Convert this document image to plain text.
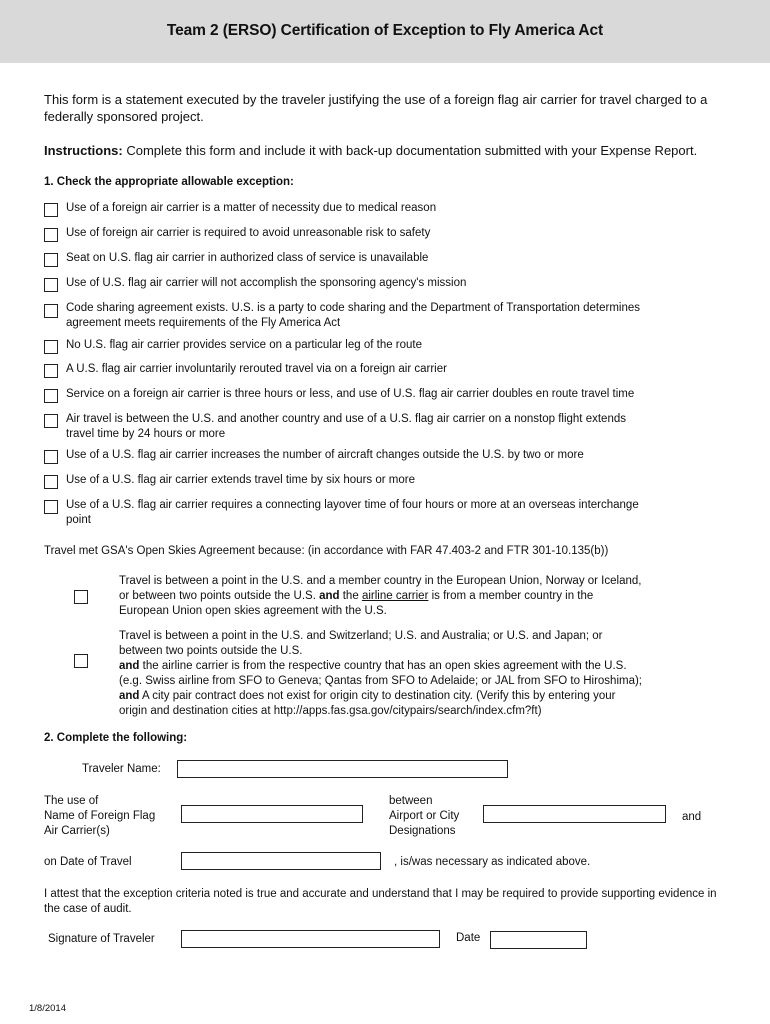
Team 2 (ERSO) Certification of Exception to Fly America Act
This form is a statement executed by the traveler justifying the use of a foreign flag air carrier for travel charged to a federally sponsored project.
Instructions: Complete this form and include it with back-up documentation submitted with your Expense Report.
1. Check the appropriate allowable exception:
Use of a foreign air carrier is a matter of necessity due to medical reason
Use of foreign air carrier is required to avoid unreasonable risk to safety
Seat on U.S. flag air carrier in authorized class of service is unavailable
Use of U.S. flag air carrier will not accomplish the sponsoring agency's mission
Code sharing agreement exists. U.S. is a party to code sharing and the Department of Transportation determines
agreement meets requirements of the Fly America Act
No U.S. flag air carrier provides service on a particular leg of the route
A U.S. flag air carrier involuntarily rerouted travel via on a foreign air carrier
Service on a foreign air carrier is three hours or less, and use of U.S. flag air carrier doubles en route travel time
Air travel is between the U.S. and another country and use of a U.S. flag air carrier on a nonstop flight extends
travel time by 24 hours or more
Use of a U.S. flag air carrier increases the number of aircraft changes outside the U.S. by two or more
Use of a U.S. flag air carrier extends travel time by six hours or more
Use of a U.S. flag air carrier requires a connecting layover time of four hours or more at an overseas interchange
point
Travel met GSA's Open Skies Agreement because: (in accordance with FAR 47.403-2 and FTR 301-10.135(b))
Travel is between a point in the U.S. and a member country in the European Union, Norway or Iceland,
or between two points outside the U.S. and the airline carrier is from a member country in the
European Union open skies agreement with the U.S.
Travel is between a point in the U.S. and Switzerland; U.S. and Australia; or U.S. and Japan; or
between two points outside the U.S.
and the airline carrier is from the respective country that has an open skies agreement with the U.S.
(e.g. Swiss airline from SFO to Geneva; Qantas from SFO to Adelaide; or JAL from SFO to Hiroshima);
and A city pair contract does not exist for origin city to destination city. (Verify this by entering your
origin and destination cities at http://apps.fas.gsa.gov/citypairs/search/index.cfm?ft)
2. Complete the following:
Traveler Name:
The use of
Name of Foreign Flag
Air Carrier(s)
between
Airport or City
Designations
and
on Date of Travel	, is/was necessary as indicated above.
I attest that the exception criteria noted is true and accurate and understand that I may be required to provide supporting evidence in the case of audit.
Signature of Traveler	Date
1/8/2014
